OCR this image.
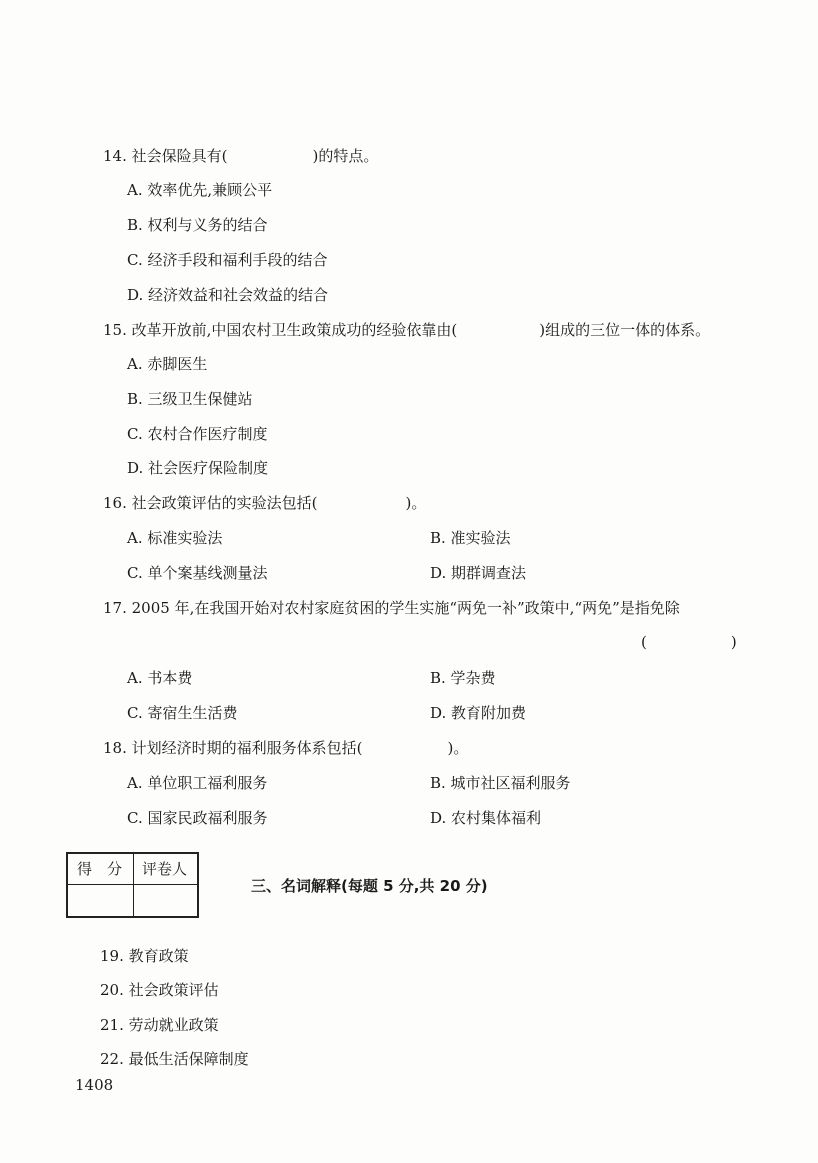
14. 社会保险具有(	)的特点。
A. 效率优先,兼顾公平
B. 权利与义务的结合
C. 经济手段和福利手段的结合
D. 经济效益和社会效益的结合
15. 改革开放前,中国农村卫生政策成功的经验依靠由(	)组成的三位一体的体系。
A. 赤脚医生
B. 三级卫生保健站
C. 农村合作医疗制度
D. 社会医疗保险制度
16. 社会政策评估的实验法包括(	)。
A. 标准实验法	B. 准实验法
C. 单个案基线测量法	D. 期群调查法
17. 2005 年,在我国开始对农村家庭贫困的学生实施“两免一补”政策中,“两免”是指免除
(	)
A. 书本费	B. 学杂费
C. 寄宿生生活费	D. 教育附加费
18. 计划经济时期的福利服务体系包括(	)。
A. 单位职工福利服务	B. 城市社区福利服务
C. 国家民政福利服务	D. 农村集体福利
得　分 评卷人
三、名词解释(每题 5 分,共 20 分)
19. 教育政策
20. 社会政策评估
21. 劳动就业政策
22. 最低生活保障制度
1408
